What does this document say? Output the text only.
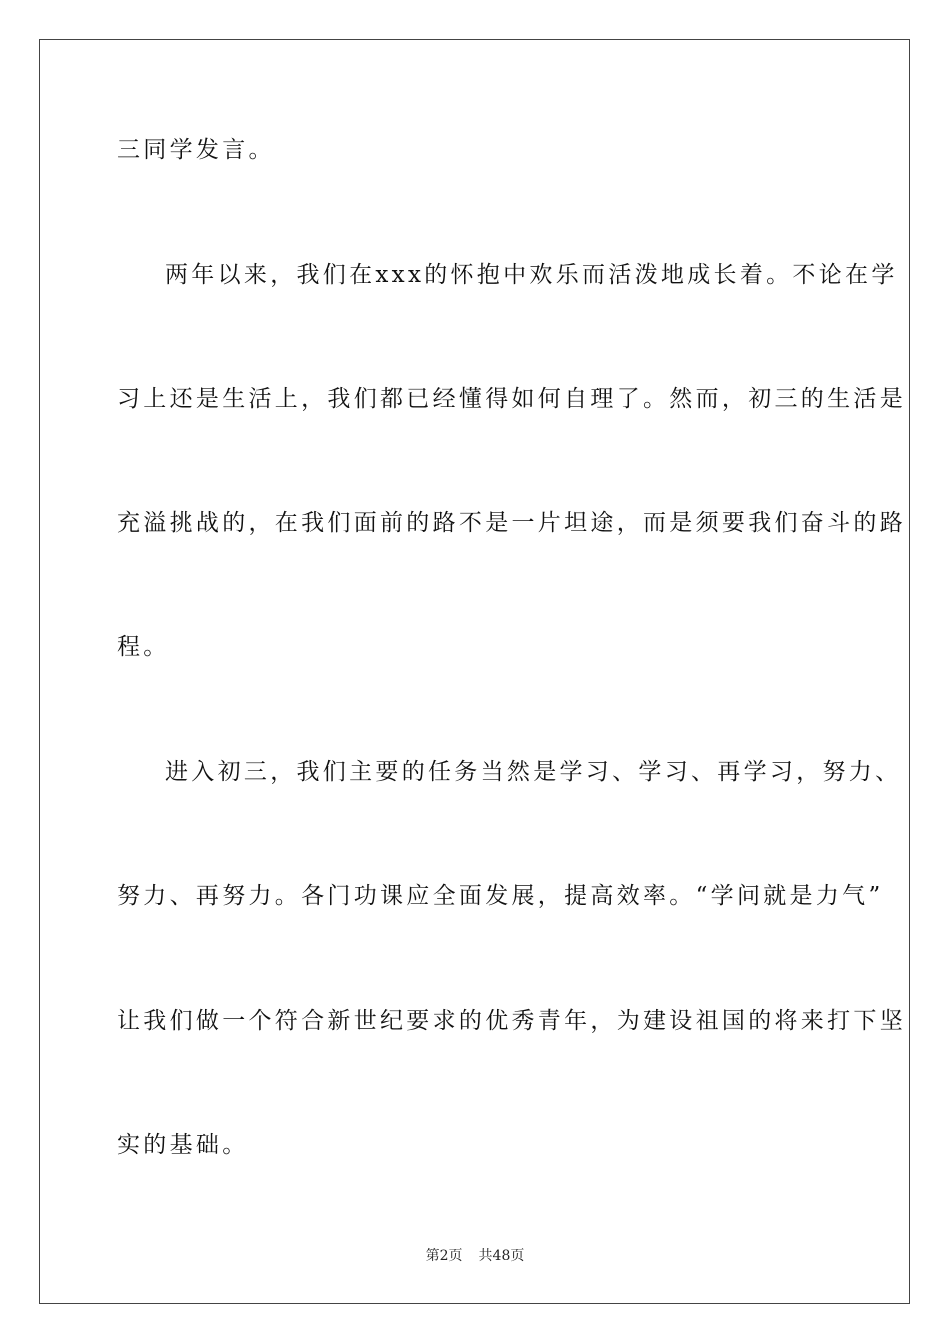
三同学发言。
两年以来，我们在xxx的怀抱中欢乐而活泼地成长着。不论在学
习上还是生活上，我们都已经懂得如何自理了。然而，初三的生活是
充溢挑战的，在我们面前的路不是一片坦途，而是须要我们奋斗的路
程。
进入初三，我们主要的任务当然是学习、学习、再学习，努力、
努力、再努力。各门功课应全面发展，提高效率。“学问就是力气”
让我们做一个符合新世纪要求的优秀青年，为建设祖国的将来打下坚
实的基础。
第2页 共48页
